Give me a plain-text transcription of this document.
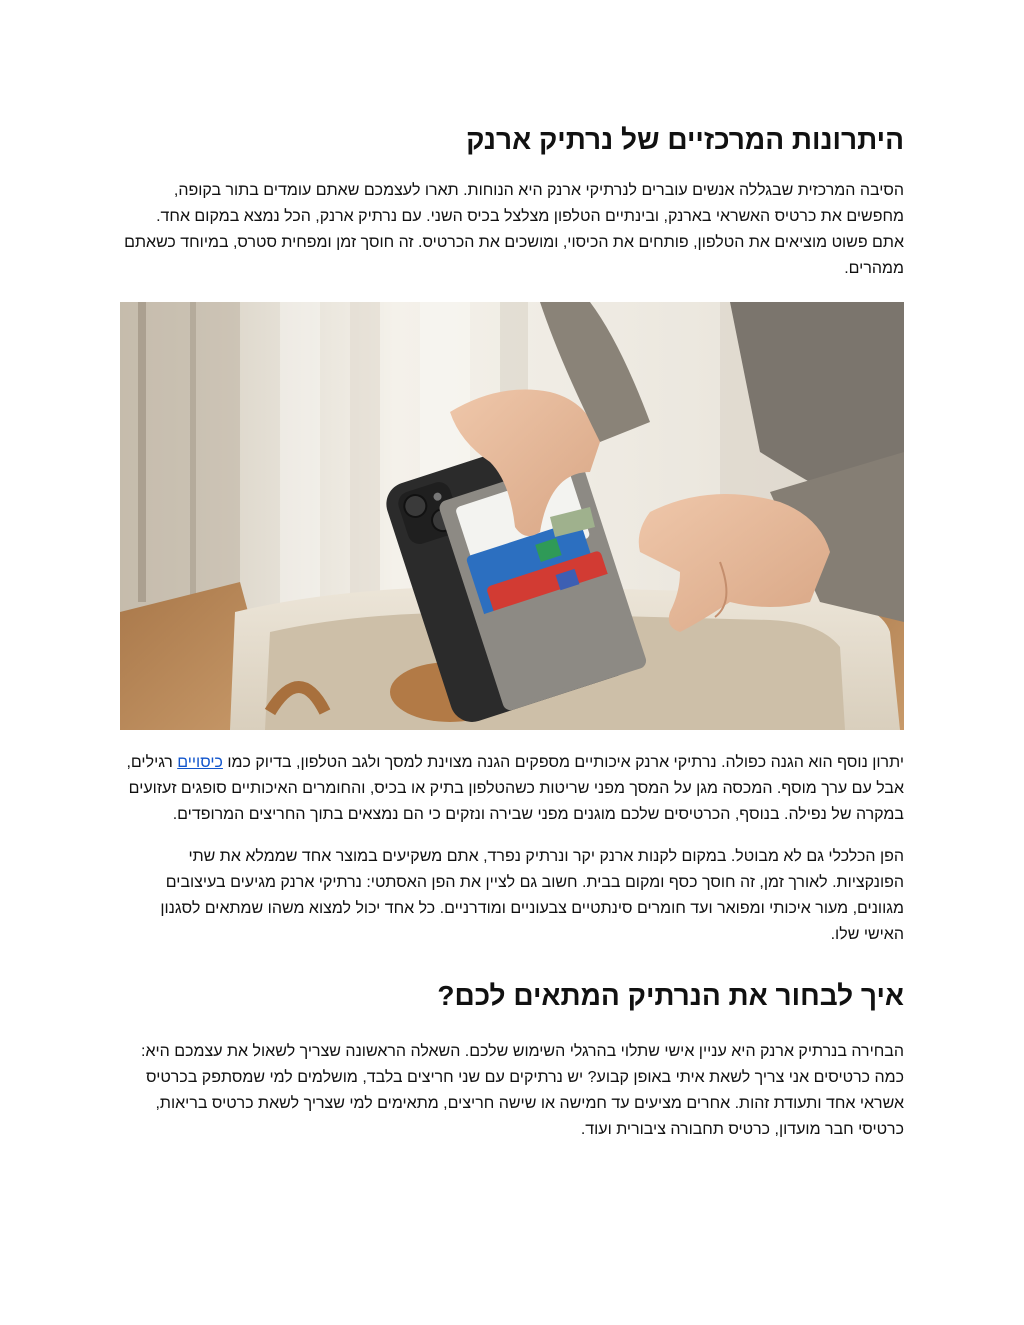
היתרונות המרכזיים של נרתיק ארנק

הסיבה המרכזית שבגללה אנשים עוברים לנרתיקי ארנק היא הנוחות. תארו לעצמכם שאתם עומדים בתור בקופה, מחפשים את כרטיס האשראי בארנק, ובינתיים הטלפון מצלצל בכיס השני. עם נרתיק ארנק, הכל נמצא במקום אחד. אתם פשוט מוציאים את הטלפון, פותחים את הכיסוי, ומושכים את הכרטיס. זה חוסך זמן ומפחית סטרס, במיוחד כשאתם ממהרים.

יתרון נוסף הוא הגנה כפולה. נרתיקי ארנק איכותיים מספקים הגנה מצוינת למסך ולגב הטלפון, בדיוק כמו כיסויים רגילים, אבל עם ערך מוסף. המכסה מגן על המסך מפני שריטות כשהטלפון בתיק או בכיס, והחומרים האיכותיים סופגים זעזועים במקרה של נפילה. בנוסף, הכרטיסים שלכם מוגנים מפני שבירה ונזקים כי הם נמצאים בתוך החריצים המרופדים.

הפן הכלכלי גם לא מבוטל. במקום לקנות ארנק יקר ונרתיק נפרד, אתם משקיעים במוצר אחד שממלא את שתי הפונקציות. לאורך זמן, זה חוסך כסף ומקום בבית. חשוב גם לציין את הפן האסתטי: נרתיקי ארנק מגיעים בעיצובים מגוונים, מעור איכותי ומפואר ועד חומרים סינתטיים צבעוניים ומודרניים. כל אחד יכול למצוא משהו שמתאים לסגנון האישי שלו.

איך לבחור את הנרתיק המתאים לכם?

הבחירה בנרתיק ארנק היא עניין אישי שתלוי בהרגלי השימוש שלכם. השאלה הראשונה שצריך לשאול את עצמכם היא: כמה כרטיסים אני צריך לשאת איתי באופן קבוע? יש נרתיקים עם שני חריצים בלבד, מושלמים למי שמסתפק בכרטיס אשראי אחד ותעודת זהות. אחרים מציעים עד חמישה או שישה חריצים, מתאימים למי שצריך לשאת כרטיס בריאות, כרטיסי חבר מועדון, כרטיס תחבורה ציבורית ועוד.
